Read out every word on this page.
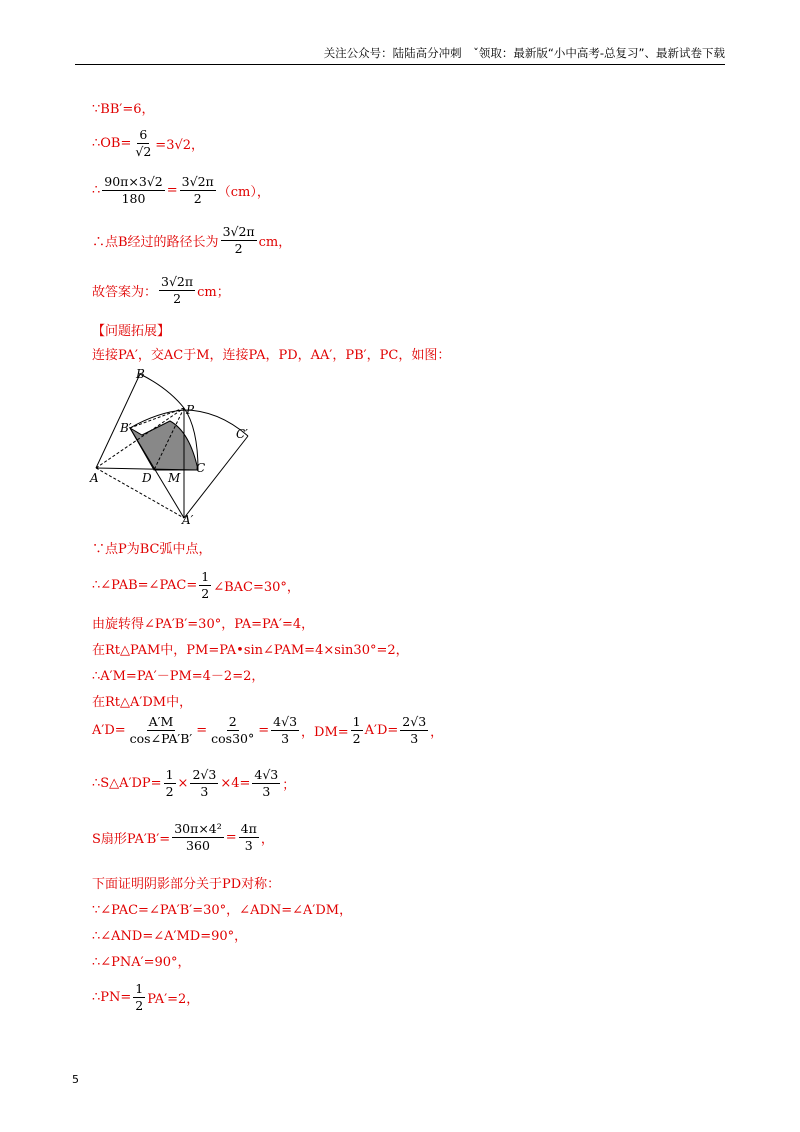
关注公众号：陆陆高分冲刺　ˇ领取：最新版“小中高考-总复习”、最新试卷下载
∵BB′=6，
∴OB= $\frac{6}{√2} =3√2$，
∴ $\frac{90\pi\times 3√2}{180} = \frac{3√2\pi}{2} (cm)$，
∴点B经过的路径长为 $\frac{3√2\pi}{2}$ cm，
故答案为： $\frac{3√2\pi}{2}$ cm；
【问题拓展】
连接PA′，交AC于M，连接PA，PD，AA′，PB′，PC，如图：
B
P
B′	C′
A	D M
C
A′
∵点P为BC弧中点，
∴∠PAB=∠PAC= $\frac{1}{2}$ ∠BAC=30°，
由旋转得∠PA′B′=30°，PA=PA′=4，
在Rt△PAM中，PM=PA•sin∠PAM=4×sin30°=2，
∴A′M=PA′－PM=4－2=2，
在Rt△A′DM中，
$A'D= \frac{A'M}{\cos\angle PA'B'} = \frac{2}{\cos 30^\circ} = \frac{4√3}{3}$ ，$DM= \frac{1}{2} A'D= \frac{2√3}{3}$ ，
∴S△A′DP= $\frac{1}{2} \times \frac{2√3}{3} \times 4= \frac{4√3}{3}$ ；
S扇形$PA'B'= \frac{\text{30π×4²}}{360} = \frac{4\pi}{3}$ ，
下面证明阴影部分关于PD对称：
∵∠PAC=∠PA′B′=30°，∠ADN=∠A′DM，
∴∠AND=∠A′MD=90°，
∴∠PNA′=90°，
∴PN= $\frac{1}{2} PA'=2$，
5
